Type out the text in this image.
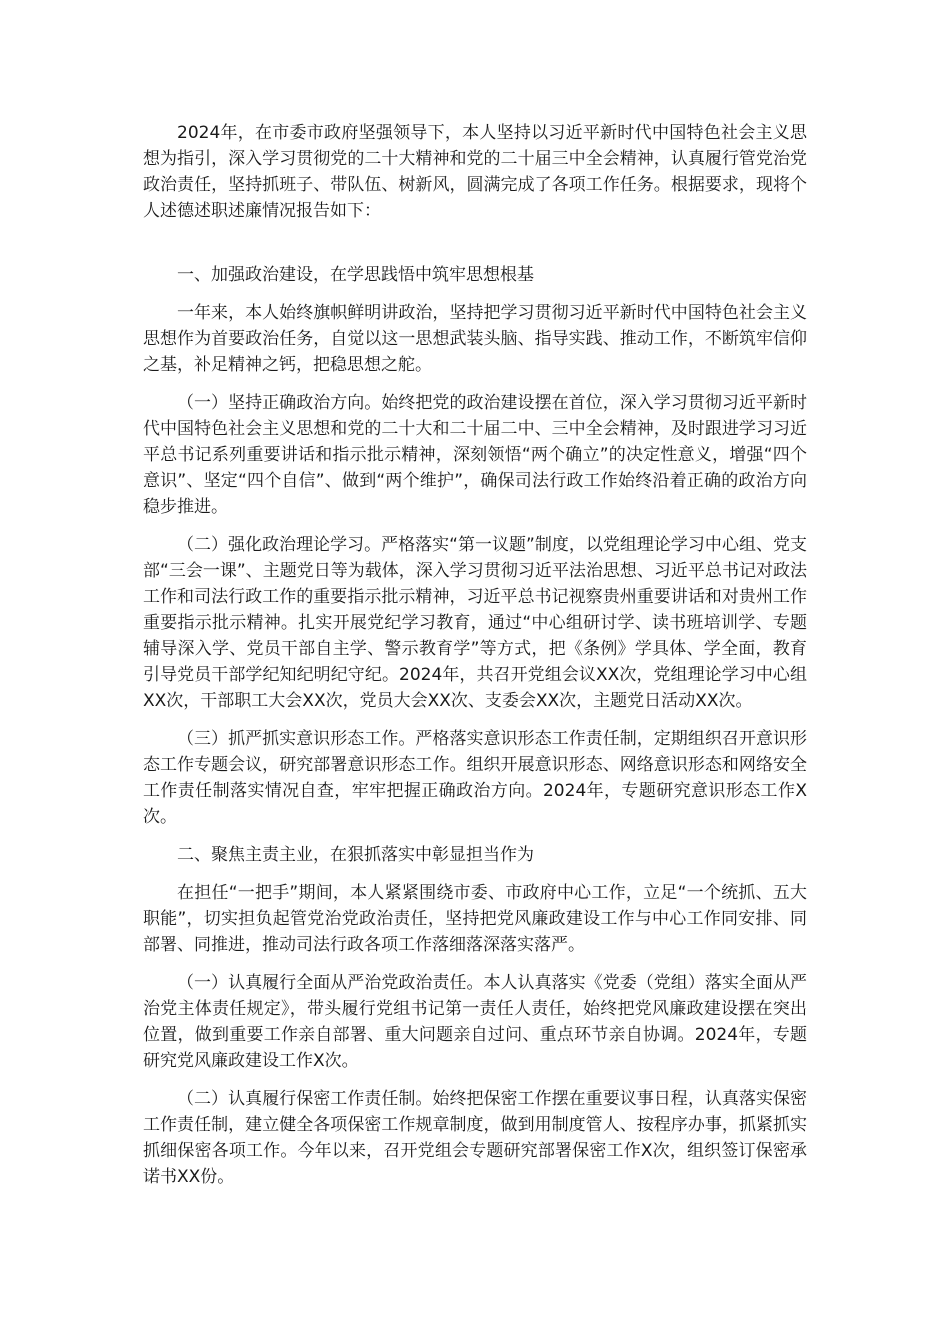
2024年，在市委市政府坚强领导下，本人坚持以习近平新时代中国特色社会主义思想为指引，深入学习贯彻党的二十大精神和党的二十届三中全会精神，认真履行管党治党政治责任，坚持抓班子、带队伍、树新风，圆满完成了各项工作任务。根据要求，现将个人述德述职述廉情况报告如下：

一、加强政治建设，在学思践悟中筑牢思想根基

一年来，本人始终旗帜鲜明讲政治，坚持把学习贯彻习近平新时代中国特色社会主义思想作为首要政治任务，自觉以这一思想武装头脑、指导实践、推动工作，不断筑牢信仰之基，补足精神之钙，把稳思想之舵。

（一）坚持正确政治方向。始终把党的政治建设摆在首位，深入学习贯彻习近平新时代中国特色社会主义思想和党的二十大和二十届二中、三中全会精神，及时跟进学习习近平总书记系列重要讲话和指示批示精神，深刻领悟“两个确立”的决定性意义，增强“四个意识”、坚定“四个自信”、做到“两个维护”，确保司法行政工作始终沿着正确的政治方向稳步推进。

（二）强化政治理论学习。严格落实“第一议题”制度，以党组理论学习中心组、党支部“三会一课”、主题党日等为载体，深入学习贯彻习近平法治思想、习近平总书记对政法工作和司法行政工作的重要指示批示精神，习近平总书记视察贵州重要讲话和对贵州工作重要指示批示精神。扎实开展党纪学习教育，通过“中心组研讨学、读书班培训学、专题辅导深入学、党员干部自主学、警示教育学”等方式，把《条例》学具体、学全面，教育引导党员干部学纪知纪明纪守纪。2024年，共召开党组会议XX次，党组理论学习中心组XX次，干部职工大会XX次，党员大会XX次、支委会XX次，主题党日活动XX次。

（三）抓严抓实意识形态工作。严格落实意识形态工作责任制，定期组织召开意识形态工作专题会议，研究部署意识形态工作。组织开展意识形态、网络意识形态和网络安全工作责任制落实情况自查，牢牢把握正确政治方向。2024年，专题研究意识形态工作X次。

二、聚焦主责主业，在狠抓落实中彰显担当作为

在担任“一把手”期间，本人紧紧围绕市委、市政府中心工作，立足“一个统抓、五大职能”，切实担负起管党治党政治责任，坚持把党风廉政建设工作与中心工作同安排、同部署、同推进，推动司法行政各项工作落细落深落实落严。

（一）认真履行全面从严治党政治责任。本人认真落实《党委（党组）落实全面从严治党主体责任规定》，带头履行党组书记第一责任人责任，始终把党风廉政建设摆在突出位置，做到重要工作亲自部署、重大问题亲自过问、重点环节亲自协调。2024年，专题研究党风廉政建设工作X次。

（二）认真履行保密工作责任制。始终把保密工作摆在重要议事日程，认真落实保密工作责任制，建立健全各项保密工作规章制度，做到用制度管人、按程序办事，抓紧抓实抓细保密各项工作。今年以来，召开党组会专题研究部署保密工作X次，组织签订保密承诺书XX份。
